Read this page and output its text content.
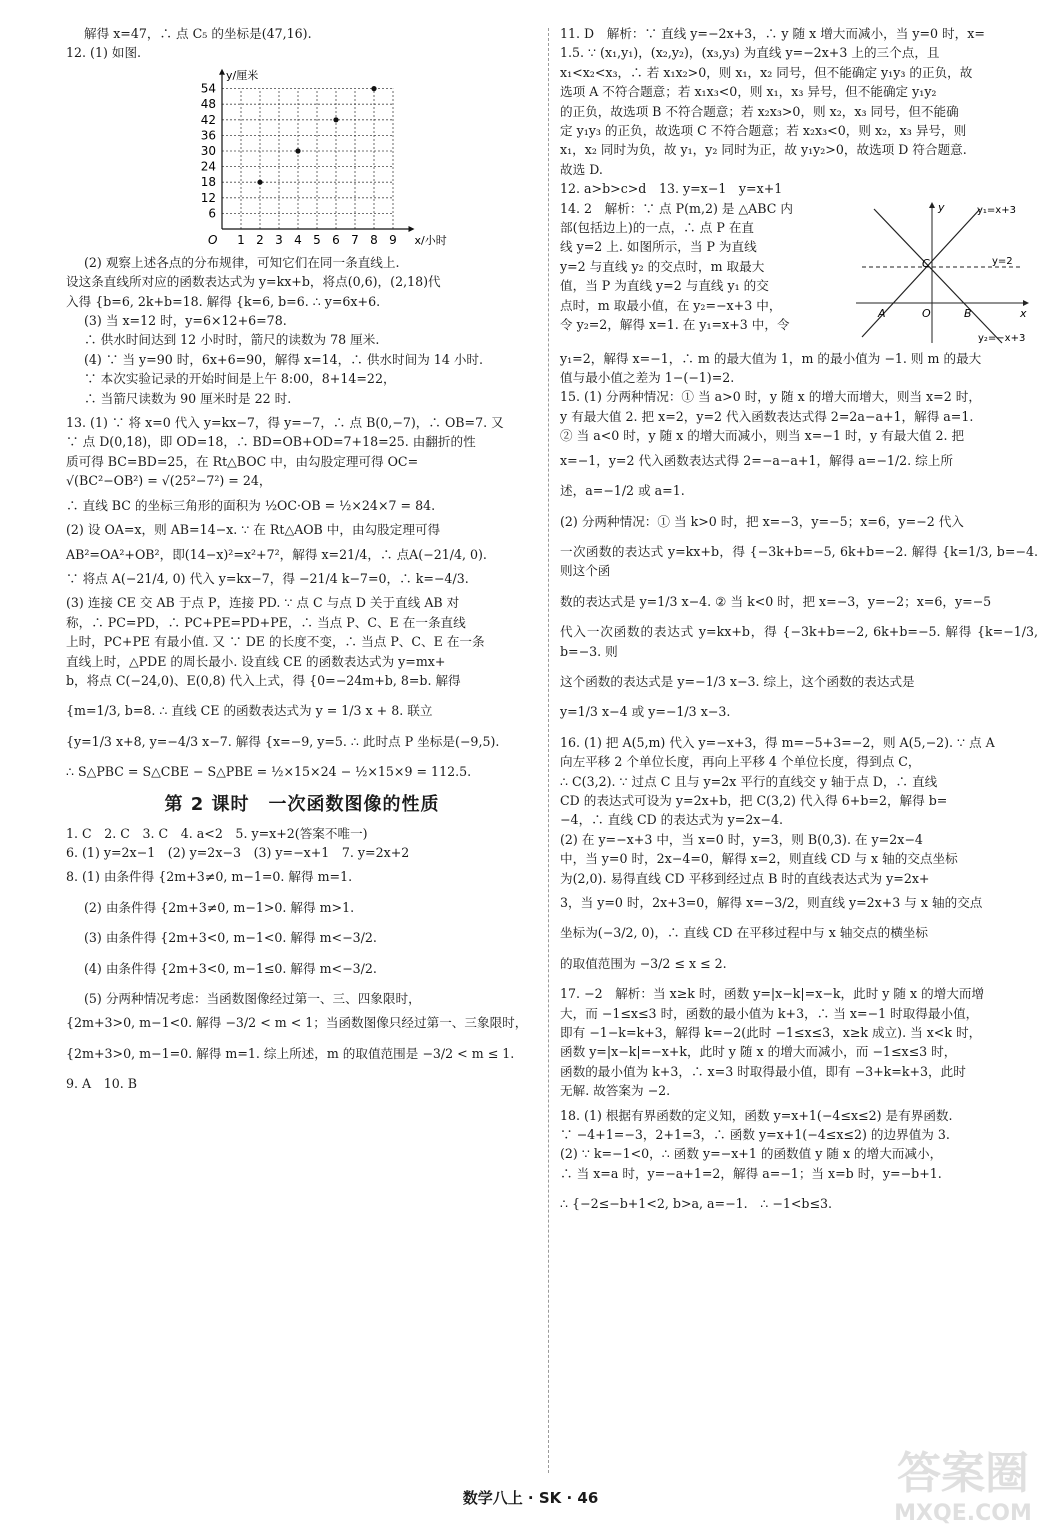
解得 x=47，∴ 点 C₅ 的坐标是(47,16).

12. (1) 如图.

1 2 3 4 5 6 7 8 9
6
12
18
24
30
36
42
48
54
y/厘米
x/小时
O

(2) 观察上述各点的分布规律，可知它们在同一条直线上.

设这条直线所对应的函数表达式为 y=kx+b，将点(0,6)，(2,18)代

入得 {b=6, 2k+b=18. 解得 {k=6, b=6. ∴ y=6x+6.

(3) 当 x=12 时，y=6×12+6=78.

∴ 供水时间达到 12 小时时，箭尺的读数为 78 厘米.

(4) ∵ 当 y=90 时，6x+6=90，解得 x=14，∴ 供水时间为 14 小时.

∵ 本次实验记录的开始时间是上午 8:00，8+14=22，

∴ 当箭尺读数为 90 厘米时是 22 时.

13. (1) ∵ 将 x=0 代入 y=kx−7，得 y=−7，∴ 点 B(0,−7)，∴ OB=7. 又

∵ 点 D(0,18)，即 OD=18，∴ BD=OB+OD=7+18=25. 由翻折的性

质可得 BC=BD=25，在 Rt△BOC 中，由勾股定理可得 OC=

√(BC²−OB²) = √(25²−7²) = 24，

∴ 直线 BC 的坐标三角形的面积为 ½OC·OB = ½×24×7 = 84.

(2) 设 OA=x，则 AB=14−x. ∵ 在 Rt△AOB 中，由勾股定理可得

AB²=OA²+OB²，即(14−x)²=x²+7²，解得 x=21/4，∴ 点A(−21/4, 0).

∵ 将点 A(−21/4, 0) 代入 y=kx−7，得 −21/4 k−7=0，∴ k=−4/3.

(3) 连接 CE 交 AB 于点 P，连接 PD. ∵ 点 C 与点 D 关于直线 AB 对

称，∴ PC=PD，∴ PC+PE=PD+PE，∴ 当点 P、C、E 在一条直线

上时，PC+PE 有最小值. 又 ∵ DE 的长度不变，∴ 当点 P、C、E 在一条

直线上时，△PDE 的周长最小. 设直线 CE 的函数表达式为 y=mx+

b，将点 C(−24,0)、E(0,8) 代入上式，得 {0=−24m+b, 8=b. 解得

{m=1/3, b=8. ∴ 直线 CE 的函数表达式为 y = 1/3 x + 8. 联立

{y=1/3 x+8, y=−4/3 x−7. 解得 {x=−9, y=5. ∴ 此时点 P 坐标是(−9,5).

∴ S△PBC = S△CBE − S△PBE = ½×15×24 − ½×15×9 = 112.5.

第 2 课时　一次函数图像的性质

1. C　2. C　3. C　4. a<2　5. y=x+2(答案不唯一)

6. (1) y=2x−1　(2) y=2x−3　(3) y=−x+1　7. y=2x+2

8. (1) 由条件得 {2m+3≠0, m−1=0. 解得 m=1.

(2) 由条件得 {2m+3≠0, m−1>0. 解得 m>1.

(3) 由条件得 {2m+3<0, m−1<0. 解得 m<−3/2.

(4) 由条件得 {2m+3<0, m−1≤0. 解得 m<−3/2.

(5) 分两种情况考虑：当函数图像经过第一、三、四象限时，

{2m+3>0, m−1<0. 解得 −3/2 < m < 1；当函数图像只经过第一、三象限时，

{2m+3>0, m−1=0. 解得 m=1. 综上所述，m 的取值范围是 −3/2 < m ≤ 1.

9. A　10. B

11. D　解析：∵ 直线 y=−2x+3，∴ y 随 x 增大而减小，当 y=0 时，x=

1.5. ∵ (x₁,y₁)，(x₂,y₂)，(x₃,y₃) 为直线 y=−2x+3 上的三个点，且

x₁<x₂<x₃，∴ 若 x₁x₂>0，则 x₁，x₂ 同号，但不能确定 y₁y₃ 的正负，故

选项 A 不符合题意；若 x₁x₃<0，则 x₁，x₃ 异号，但不能确定 y₁y₂

的正负，故选项 B 不符合题意；若 x₂x₃>0，则 x₂，x₃ 同号，但不能确

定 y₁y₃ 的正负，故选项 C 不符合题意；若 x₂x₃<0，则 x₂，x₃ 异号，则

x₁，x₂ 同时为负，故 y₁，y₂ 同时为正，故 y₁y₂>0，故选项 D 符合题意.

故选 D.

12. a>b>c>d　13. y=x−1　y=x+1

14. 2　解析：∵ 点 P(m,2) 是 △ABC 内

部(包括边上)的一点，∴ 点 P 在直

线 y=2 上. 如图所示，当 P 为直线

y=2 与直线 y₂ 的交点时，m 取最大

值，当 P 为直线 y=2 与直线 y₁ 的交

点时，m 取最小值，在 y₂=−x+3 中，

令 y₂=2，解得 x=1. 在 y₁=x+3 中，令

y₁=x+3
y=2
y₂=−x+3
C
A	O	B	x
y

y₁=2，解得 x=−1，∴ m 的最大值为 1，m 的最小值为 −1. 则 m 的最大

值与最小值之差为 1−(−1)=2.

15. (1) 分两种情况：① 当 a>0 时，y 随 x 的增大而增大，则当 x=2 时，

y 有最大值 2. 把 x=2，y=2 代入函数表达式得 2=2a−a+1，解得 a=1.

② 当 a<0 时，y 随 x 的增大而减小，则当 x=−1 时，y 有最大值 2. 把

x=−1，y=2 代入函数表达式得 2=−a−a+1，解得 a=−1/2. 综上所

述，a=−1/2 或 a=1.

(2) 分两种情况：① 当 k>0 时，把 x=−3，y=−5；x=6，y=−2 代入

一次函数的表达式 y=kx+b，得 {−3k+b=−5, 6k+b=−2. 解得 {k=1/3, b=−4. 则这个函

数的表达式是 y=1/3 x−4. ② 当 k<0 时，把 x=−3，y=−2；x=6，y=−5

代入一次函数的表达式 y=kx+b，得 {−3k+b=−2, 6k+b=−5. 解得 {k=−1/3, b=−3. 则

这个函数的表达式是 y=−1/3 x−3. 综上，这个函数的表达式是

y=1/3 x−4 或 y=−1/3 x−3.

16. (1) 把 A(5,m) 代入 y=−x+3，得 m=−5+3=−2，则 A(5,−2). ∵ 点 A

向左平移 2 个单位长度，再向上平移 4 个单位长度，得到点 C，

∴ C(3,2). ∵ 过点 C 且与 y=2x 平行的直线交 y 轴于点 D，∴ 直线

CD 的表达式可设为 y=2x+b，把 C(3,2) 代入得 6+b=2，解得 b=

−4，∴ 直线 CD 的表达式为 y=2x−4.

(2) 在 y=−x+3 中，当 x=0 时，y=3，则 B(0,3). 在 y=2x−4

中，当 y=0 时，2x−4=0，解得 x=2，则直线 CD 与 x 轴的交点坐标

为(2,0). 易得直线 CD 平移到经过点 B 时的直线表达式为 y=2x+

3，当 y=0 时，2x+3=0，解得 x=−3/2，则直线 y=2x+3 与 x 轴的交点

坐标为(−3/2, 0)，∴ 直线 CD 在平移过程中与 x 轴交点的横坐标

的取值范围为 −3/2 ≤ x ≤ 2.

17. −2　解析：当 x≥k 时，函数 y=|x−k|=x−k，此时 y 随 x 的增大而增

大，而 −1≤x≤3 时，函数的最小值为 k+3，∴ 当 x=−1 时取得最小值，

即有 −1−k=k+3，解得 k=−2(此时 −1≤x≤3，x≥k 成立). 当 x<k 时，

函数 y=|x−k|=−x+k，此时 y 随 x 的增大而减小，而 −1≤x≤3 时，

函数的最小值为 k+3，∴ x=3 时取得最小值，即有 −3+k=k+3，此时

无解. 故答案为 −2.

18. (1) 根据有界函数的定义知，函数 y=x+1(−4≤x≤2) 是有界函数.

∵ −4+1=−3，2+1=3，∴ 函数 y=x+1(−4≤x≤2) 的边界值为 3.

(2) ∵ k=−1<0，∴ 函数 y=−x+1 的函数值 y 随 x 的增大而减小，

∴ 当 x=a 时，y=−a+1=2，解得 a=−1；当 x=b 时，y=−b+1.

∴ {−2≤−b+1<2, b>a, a=−1.　∴ −1<b≤3.

数学八上 · SK · 46	答案圈
MXQE.COM
